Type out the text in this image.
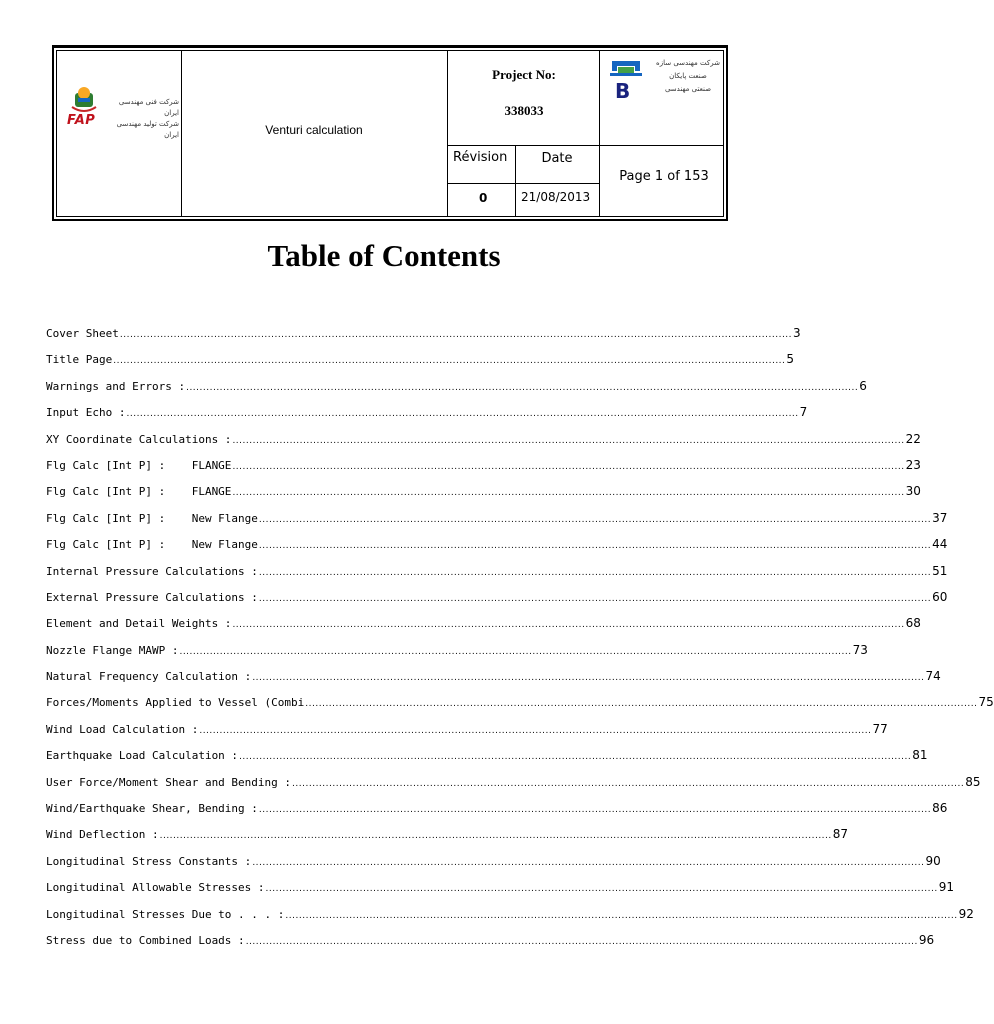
FAP
شرکت فنی مهندسی ایران
شرکت تولید مهندسی ایران	Venturi calculation
Project No:
338033
Révision	Date
0	21/08/2013
Page 1 of 153
B
شرکت مهندسی سازه صنعت پایکان
صنعتی مهندسی
Table of Contents
Cover Sheet ........................................................................................................................................................................................................ 3
Title Page ........................................................................................................................................................................................................ 5
Warnings and Errors : ........................................................................................................................................................................................................ 6
Input Echo : ........................................................................................................................................................................................................ 7
XY Coordinate Calculations : ........................................................................................................................................................................................................ 22
Flg Calc [Int P] :    FLANGE ........................................................................................................................................................................................................ 23
Flg Calc [Int P] :    FLANGE ........................................................................................................................................................................................................ 30
Flg Calc [Int P] :    New Flange ........................................................................................................................................................................................................ 37
Flg Calc [Int P] :    New Flange ........................................................................................................................................................................................................ 44
Internal Pressure Calculations : ........................................................................................................................................................................................................ 51
External Pressure Calculations : ........................................................................................................................................................................................................ 60
Element and Detail Weights : ........................................................................................................................................................................................................ 68
Nozzle Flange MAWP : ........................................................................................................................................................................................................ 73
Natural Frequency Calculation : ........................................................................................................................................................................................................ 74
Forces/Moments Applied to Vessel (Combi ........................................................................................................................................................................................................ 75
Wind Load Calculation : ........................................................................................................................................................................................................ 77
Earthquake Load Calculation : ........................................................................................................................................................................................................ 81
User Force/Moment Shear and Bending : ........................................................................................................................................................................................................ 85
Wind/Earthquake Shear, Bending : ........................................................................................................................................................................................................ 86
Wind Deflection : ........................................................................................................................................................................................................ 87
Longitudinal Stress Constants : ........................................................................................................................................................................................................ 90
Longitudinal Allowable Stresses : ........................................................................................................................................................................................................ 91
Longitudinal Stresses Due to . . . : ........................................................................................................................................................................................................ 92
Stress due to Combined Loads : ........................................................................................................................................................................................................ 96
